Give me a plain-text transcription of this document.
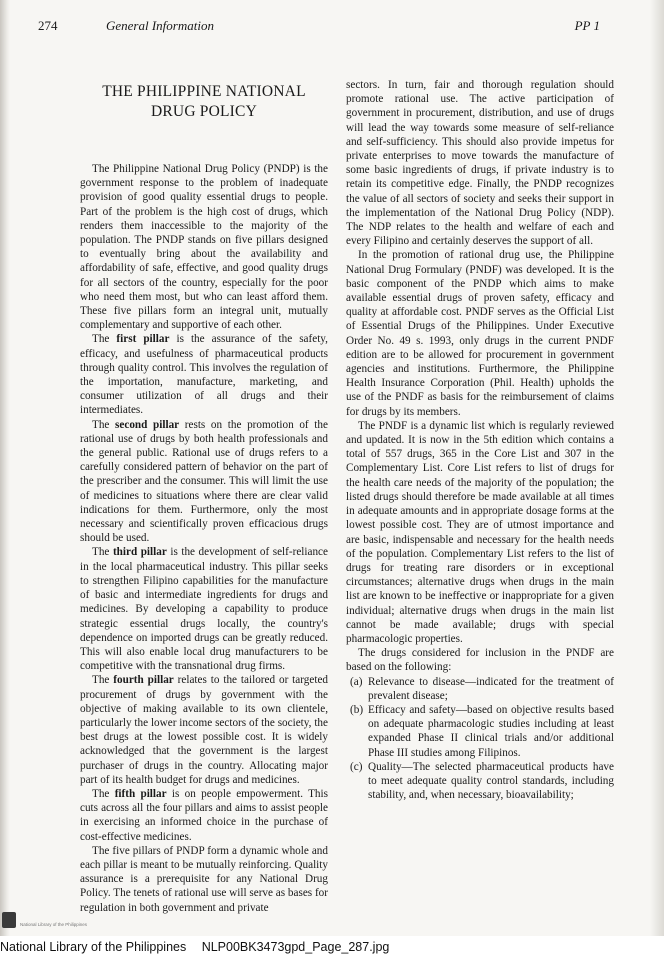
274	General Information	PP 1
THE PHILIPPINE NATIONAL
DRUG POLICY

The Philippine National Drug Policy (PNDP) is the government response to the problem of inadequate provision of good quality essential drugs to people. Part of the problem is the high cost of drugs, which renders them inaccessible to the majority of the population. The PNDP stands on five pillars designed to eventually bring about the availability and affordability of safe, effective, and good quality drugs for all sectors of the country, especially for the poor who need them most, but who can least afford them. These five pillars form an integral unit, mutually complementary and supportive of each other.

The first pillar is the assurance of the safety, efficacy, and usefulness of pharmaceutical products through quality control. This involves the regulation of the importation, manufacture, marketing, and consumer utilization of all drugs and their intermediates.

The second pillar rests on the promotion of the rational use of drugs by both health professionals and the general public. Rational use of drugs refers to a carefully considered pattern of behavior on the part of the prescriber and the consumer. This will limit the use of medicines to situations where there are clear valid indications for them. Furthermore, only the most necessary and scientifically proven efficacious drugs should be used.

The third pillar is the development of self-reliance in the local pharmaceutical industry. This pillar seeks to strengthen Filipino capabilities for the manufacture of basic and intermediate ingredients for drugs and medicines. By developing a capability to produce strategic essential drugs locally, the country's dependence on imported drugs can be greatly reduced. This will also enable local drug manufacturers to be competitive with the transnational drug firms.

The fourth pillar relates to the tailored or targeted procurement of drugs by government with the objective of making available to its own clientele, particularly the lower income sectors of the society, the best drugs at the lowest possible cost. It is widely acknowledged that the government is the largest purchaser of drugs in the country. Allocating major part of its health budget for drugs and medicines.

The fifth pillar is on people empowerment. This cuts across all the four pillars and aims to assist people in exercising an informed choice in the purchase of cost-effective medicines.

The five pillars of PNDP form a dynamic whole and each pillar is meant to be mutually reinforcing. Quality assurance is a prerequisite for any National Drug Policy. The tenets of rational use will serve as bases for regulation in both government and private

sectors. In turn, fair and thorough regulation should promote rational use. The active participation of government in procurement, distribution, and use of drugs will lead the way towards some measure of self-reliance and self-sufficiency. This should also provide impetus for private enterprises to move towards the manufacture of some basic ingredients of drugs, if private industry is to retain its competitive edge. Finally, the PNDP recognizes the value of all sectors of society and seeks their support in the implementation of the National Drug Policy (NDP). The NDP relates to the health and welfare of each and every Filipino and certainly deserves the support of all.

In the promotion of rational drug use, the Philippine National Drug Formulary (PNDF) was developed. It is the basic component of the PNDP which aims to make available essential drugs of proven safety, efficacy and quality at affordable cost. PNDF serves as the Official List of Essential Drugs of the Philippines. Under Executive Order No. 49 s. 1993, only drugs in the current PNDF edition are to be allowed for procurement in government agencies and institutions. Furthermore, the Philippine Health Insurance Corporation (Phil. Health) upholds the use of the PNDF as basis for the reimbursement of claims for drugs by its members.

The PNDF is a dynamic list which is regularly reviewed and updated. It is now in the 5th edition which contains a total of 557 drugs, 365 in the Core List and 307 in the Complementary List. Core List refers to list of drugs for the health care needs of the majority of the population; the listed drugs should therefore be made available at all times in adequate amounts and in appropriate dosage forms at the lowest possible cost. They are of utmost importance and are basic, indispensable and necessary for the health needs of the population. Complementary List refers to the list of drugs for treating rare disorders or in exceptional circumstances; alternative drugs when drugs in the main list are known to be ineffective or inappropriate for a given individual; alternative drugs when drugs in the main list cannot be made available; drugs with special pharmacologic properties.

The drugs considered for inclusion in the PNDF are based on the following:

(a) Relevance to disease—indicated for the treatment of prevalent disease;
(b) Efficacy and safety—based on objective results based on adequate pharmacologic studies including at least expanded Phase II clinical trials and/or additional Phase III studies among Filipinos.
(c) Quality—The selected pharmaceutical products have to meet adequate quality control standards, including stability, and, when necessary, bioavailability;
National Library of the Philippines
National Library of the Philippines NLP00BK3473gpd_Page_287.jpg
